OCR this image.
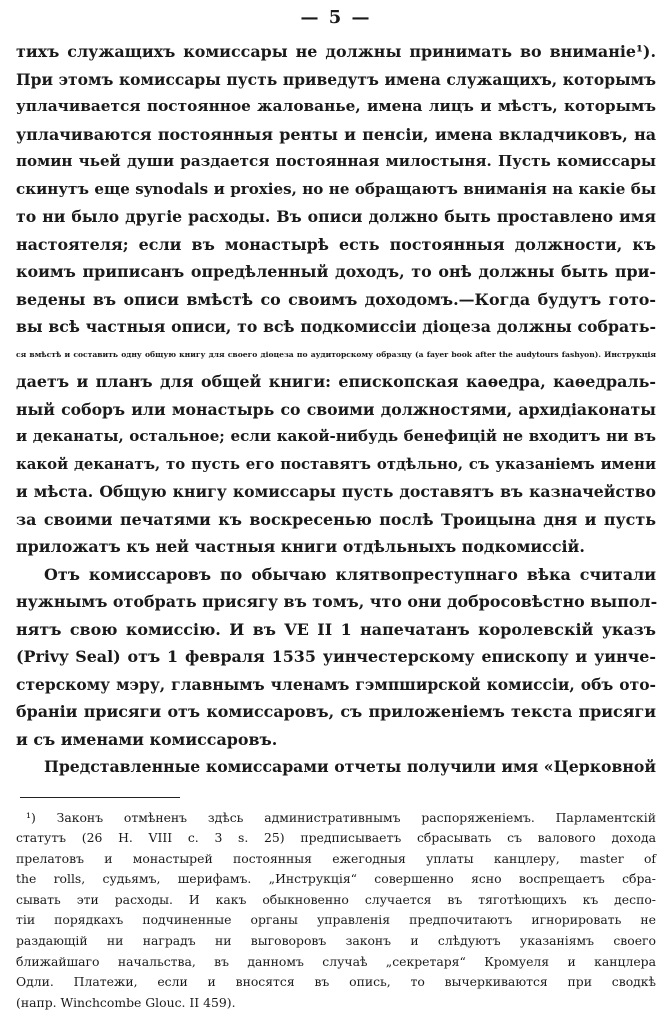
— 5 —
тихъ служащихъ комиссары не должны принимать во вниманіе¹).
При этомъ комиссары пусть приведутъ имена служащихъ, которымъ
уплачивается постоянное жалованье, имена лицъ и мѣстъ, которымъ
уплачиваются постоянныя ренты и пенсіи, имена вкладчиковъ, на
помин чьей души раздается постоянная милостыня. Пусть комиссары
скинутъ еще synodals и proxies, но не обращаютъ вниманія на какіе бы
то ни было другіе расходы. Въ описи должно быть проставлено имя
настоятеля; если въ монастырѣ есть постоянныя должности, къ
коимъ приписанъ опредѣленный доходъ, то онѣ должны быть при-
ведены въ описи вмѣстѣ со своимъ доходомъ.—Когда будутъ гото-
вы всѣ частныя описи, то всѣ подкомиссіи діоцеза должны собрать-
ся вмѣстѣ и составить одну общую книгу для своего діоцеза по аудиторскому образцу (a fayer book after the audytours fashyon). Инструкція
даетъ и планъ для общей книги: епископская каѳедра, каѳедраль-
ный соборъ или монастырь со своими должностями, архидіаконаты
и деканаты, остальное; если какой-нибудь бенефицій не входитъ ни въ
какой деканатъ, то пусть его поставятъ отдѣльно, съ указаніемъ имени
и мѣста. Общую книгу комиссары пусть доставятъ въ казначейство
за своими печатями къ воскресенью послѣ Троицына дня и пусть
приложатъ къ ней частныя книги отдѣльныхъ подкомиссій.
Отъ комиссаровъ по обычаю клятвопреступнаго вѣка считали
нужнымъ отобрать присягу въ томъ, что они добросовѣстно выпол-
нятъ свою комиссію. И въ VE II 1 напечатанъ королевскій указъ
(Privy Seal) отъ 1 февраля 1535 уинчестерскому епископу и уинче-
стерскому мэру, главнымъ членамъ гэмпширской комиссіи, объ ото-
браніи присяги отъ комиссаровъ, съ приложеніемъ текста присяги
и съ именами комиссаровъ.
Представленные комиссарами отчеты получили имя «Церковной
¹) Законъ отмѣненъ здѣсь административнымъ распоряженіемъ. Парламентскій
статутъ (26 Н. VIII с. 3 s. 25) предписываетъ сбрасывать съ валового дохода
прелатовъ и монастырей постоянныя ежегодныя уплаты канцлеру, master of
the rolls, судьямъ, шерифамъ. „Инструкція“ совершенно ясно воспрещаетъ сбра-
сывать эти расходы. И какъ обыкновенно случается въ тяготѣющихъ къ деспо-
тіи порядкахъ подчиненные органы управленія предпочитаютъ игнорировать не
раздающій ни наградъ ни выговоровъ законъ и слѣдуютъ указаніямъ своего
ближайшаго начальства, въ данномъ случаѣ „секретаря“ Кромуеля и канцлера
Одли. Платежи, если и вносятся въ опись, то вычеркиваются при сводкѣ
(напр. Winchcombe Glouc. II 459).
